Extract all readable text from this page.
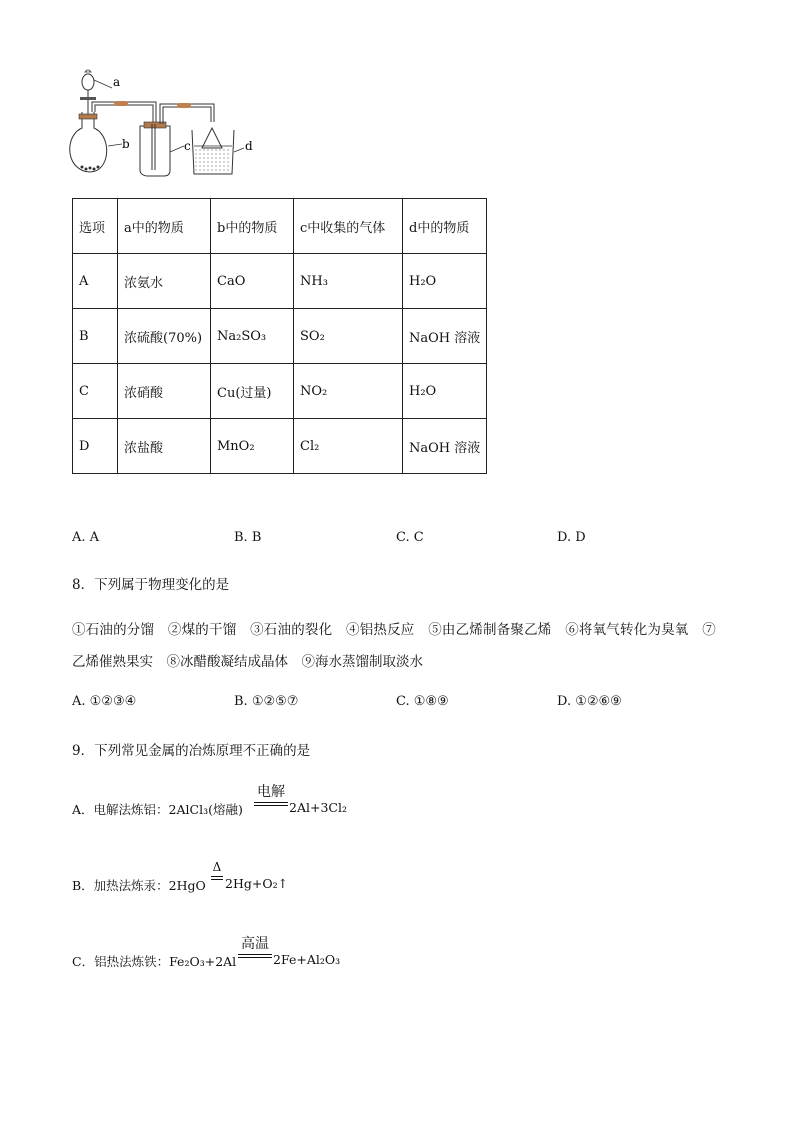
a
b	c	d
选项	a中的物质	b中的物质	c中收集的气体	d中的物质
A	浓氨水	CaO	NH₃	H₂O
B	浓硫酸(70%)	Na₂SO₃	SO₂	NaOH 溶液
C	浓硝酸	Cu(过量)	NO₂	H₂O
D	浓盐酸	MnO₂	Cl₂	NaOH 溶液
A. A	B. B	C. C	D. D
8．下列属于物理变化的是
①石油的分馏　②煤的干馏　③石油的裂化　④铝热反应　⑤由乙烯制备聚乙烯　⑥将氧气转化为臭氧　⑦
乙烯催熟果实　⑧冰醋酸凝结成晶体　⑨海水蒸馏制取淡水
A. ①②③④	B. ①②⑤⑦	C. ①⑧⑨	D. ①②⑥⑨
9．下列常见金属的冶炼原理不正确的是
A．电解法炼铝：2AlCl₃(熔融)
电解
2Al+3Cl₂
B．加热法炼汞：2HgO
Δ
2Hg+O₂↑
C．铝热法炼铁：Fe₂O₃+2Al
高温
2Fe+Al₂O₃
